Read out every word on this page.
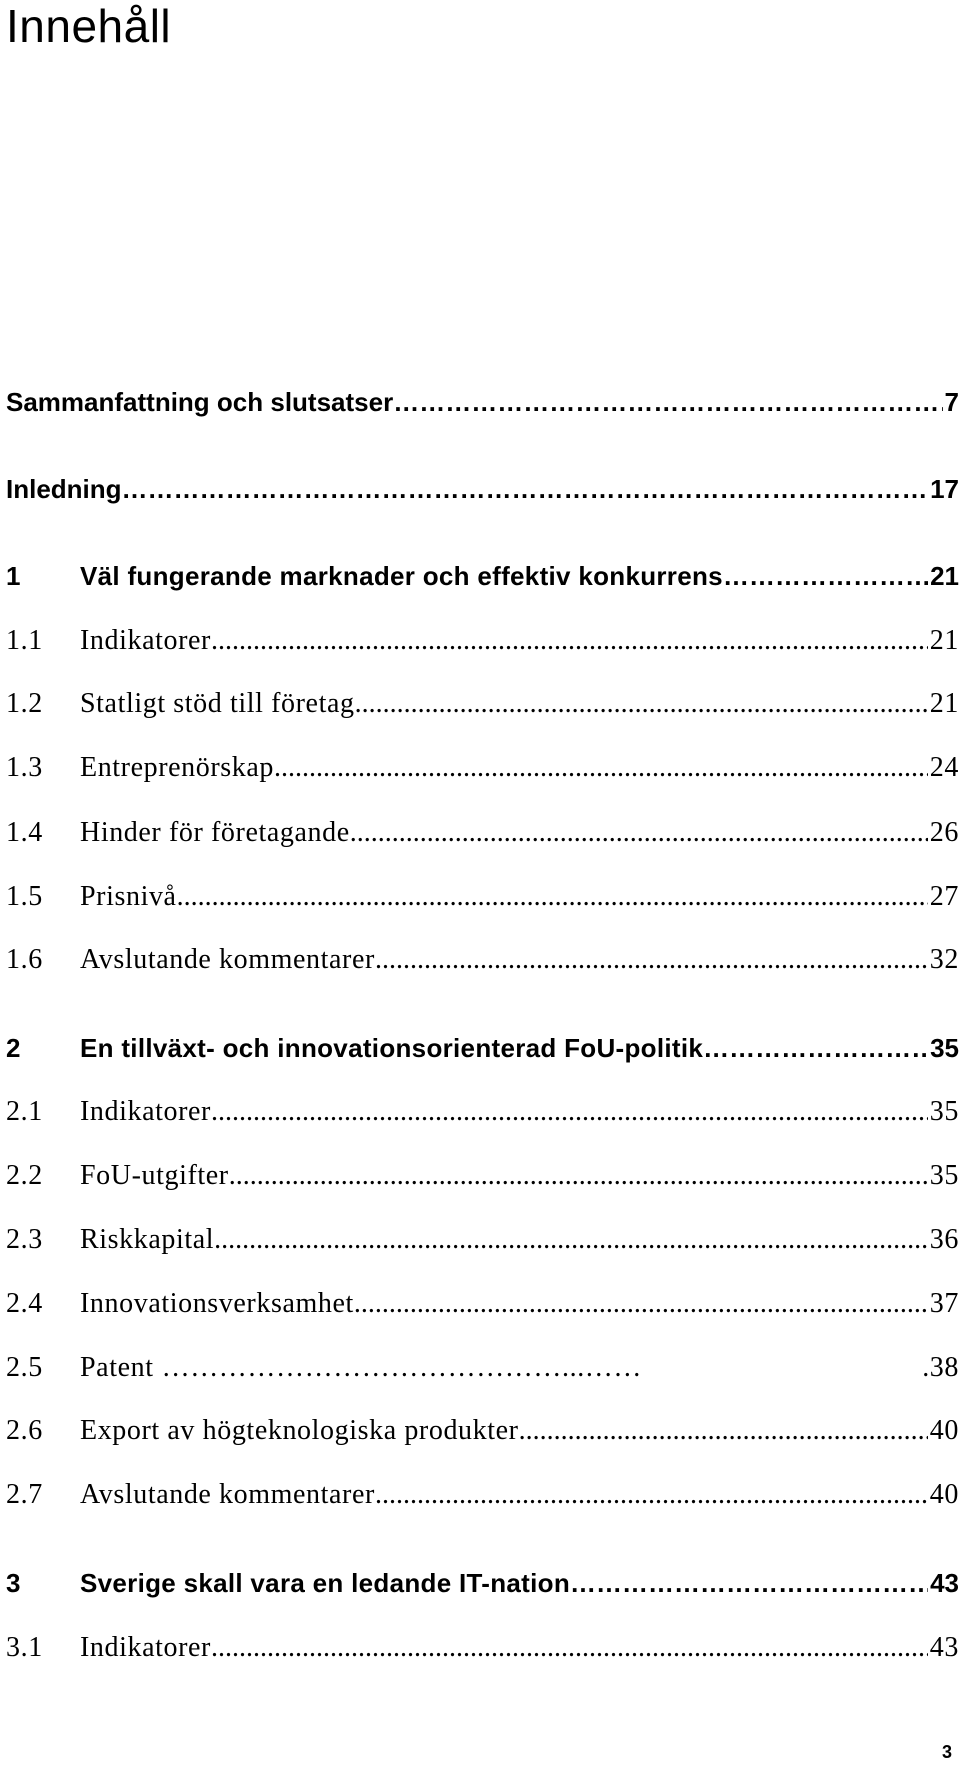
Innehåll
Sammanfattning och slutsatser ……………………………………………………………………………………………………………………………………………………………………………………	7
Inledning ……………………………………………………………………………………………………………………………………………………………………………………	17
1	Väl fungerande marknader och effektiv konkurrens ……………………………………………………………………………………………………………………………………………………………………………………	21
1.1	Indikatorer .....	21
1.2	Statligt stöd till företag .....	21
1.3	Entreprenörskap .....	24
1.4	Hinder för företagande .....	26
1.5	Prisnivå .....	27
1.6	Avslutande kommentarer .....	32
2	En tillväxt- och innovationsorienterad FoU-politik ……………………………………………………………………………………………………………………………………………………………………………………	35
2.1	Indikatorer .....	35
2.2	FoU-utgifter .....	35
2.3	Riskkapital .....	36
2.4	Innovationsverksamhet .....	37
2.5	Patent ……………………………………...……	.38
2.6	Export av högteknologiska produkter .....	40
2.7	Avslutande kommentarer .....	40
3	Sverige skall vara en ledande IT-nation ……………………………………………………………………………………………………………………………………………………………………………………	43
3.1	Indikatorer .....	43
3
